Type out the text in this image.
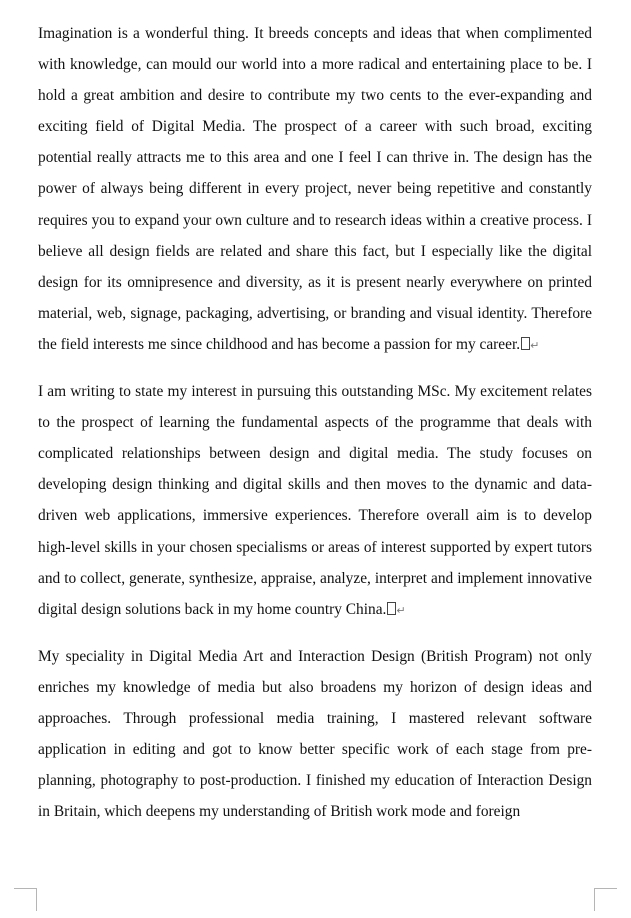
Imagination is a wonderful thing. It breeds concepts and ideas that when complimented with knowledge, can mould our world into a more radical and entertaining place to be. I hold a great ambition and desire to contribute my two cents to the ever-expanding and exciting field of Digital Media. The prospect of a career with such broad, exciting potential really attracts me to this area and one I feel I can thrive in. The design has the power of always being different in every project, never being repetitive and constantly requires you to expand your own culture and to research ideas within a creative process. I believe all design fields are related and share this fact, but I especially like the digital design for its omnipresence and diversity, as it is present nearly everywhere on printed material, web, signage, packaging, advertising, or branding and visual identity. Therefore the field interests me since childhood and has become a passion for my career. ↵

I am writing to state my interest in pursuing this outstanding MSc. My excitement relates to the prospect of learning the fundamental aspects of the programme that deals with complicated relationships between design and digital media. The study focuses on developing design thinking and digital skills and then moves to the dynamic and data-driven web applications, immersive experiences. Therefore overall aim is to develop high-level skills in your chosen specialisms or areas of interest supported by expert tutors and to collect, generate, synthesize, appraise, analyze, interpret and implement innovative digital design solutions back in my home country China. ↵

My speciality in Digital Media Art and Interaction Design (British Program) not only enriches my knowledge of media but also broadens my horizon of design ideas and approaches. Through professional media training, I mastered relevant software application in editing and got to know better specific work of each stage from pre-planning, photography to post-production. I finished my education of Interaction Design in Britain, which deepens my understanding of British work mode and foreign
